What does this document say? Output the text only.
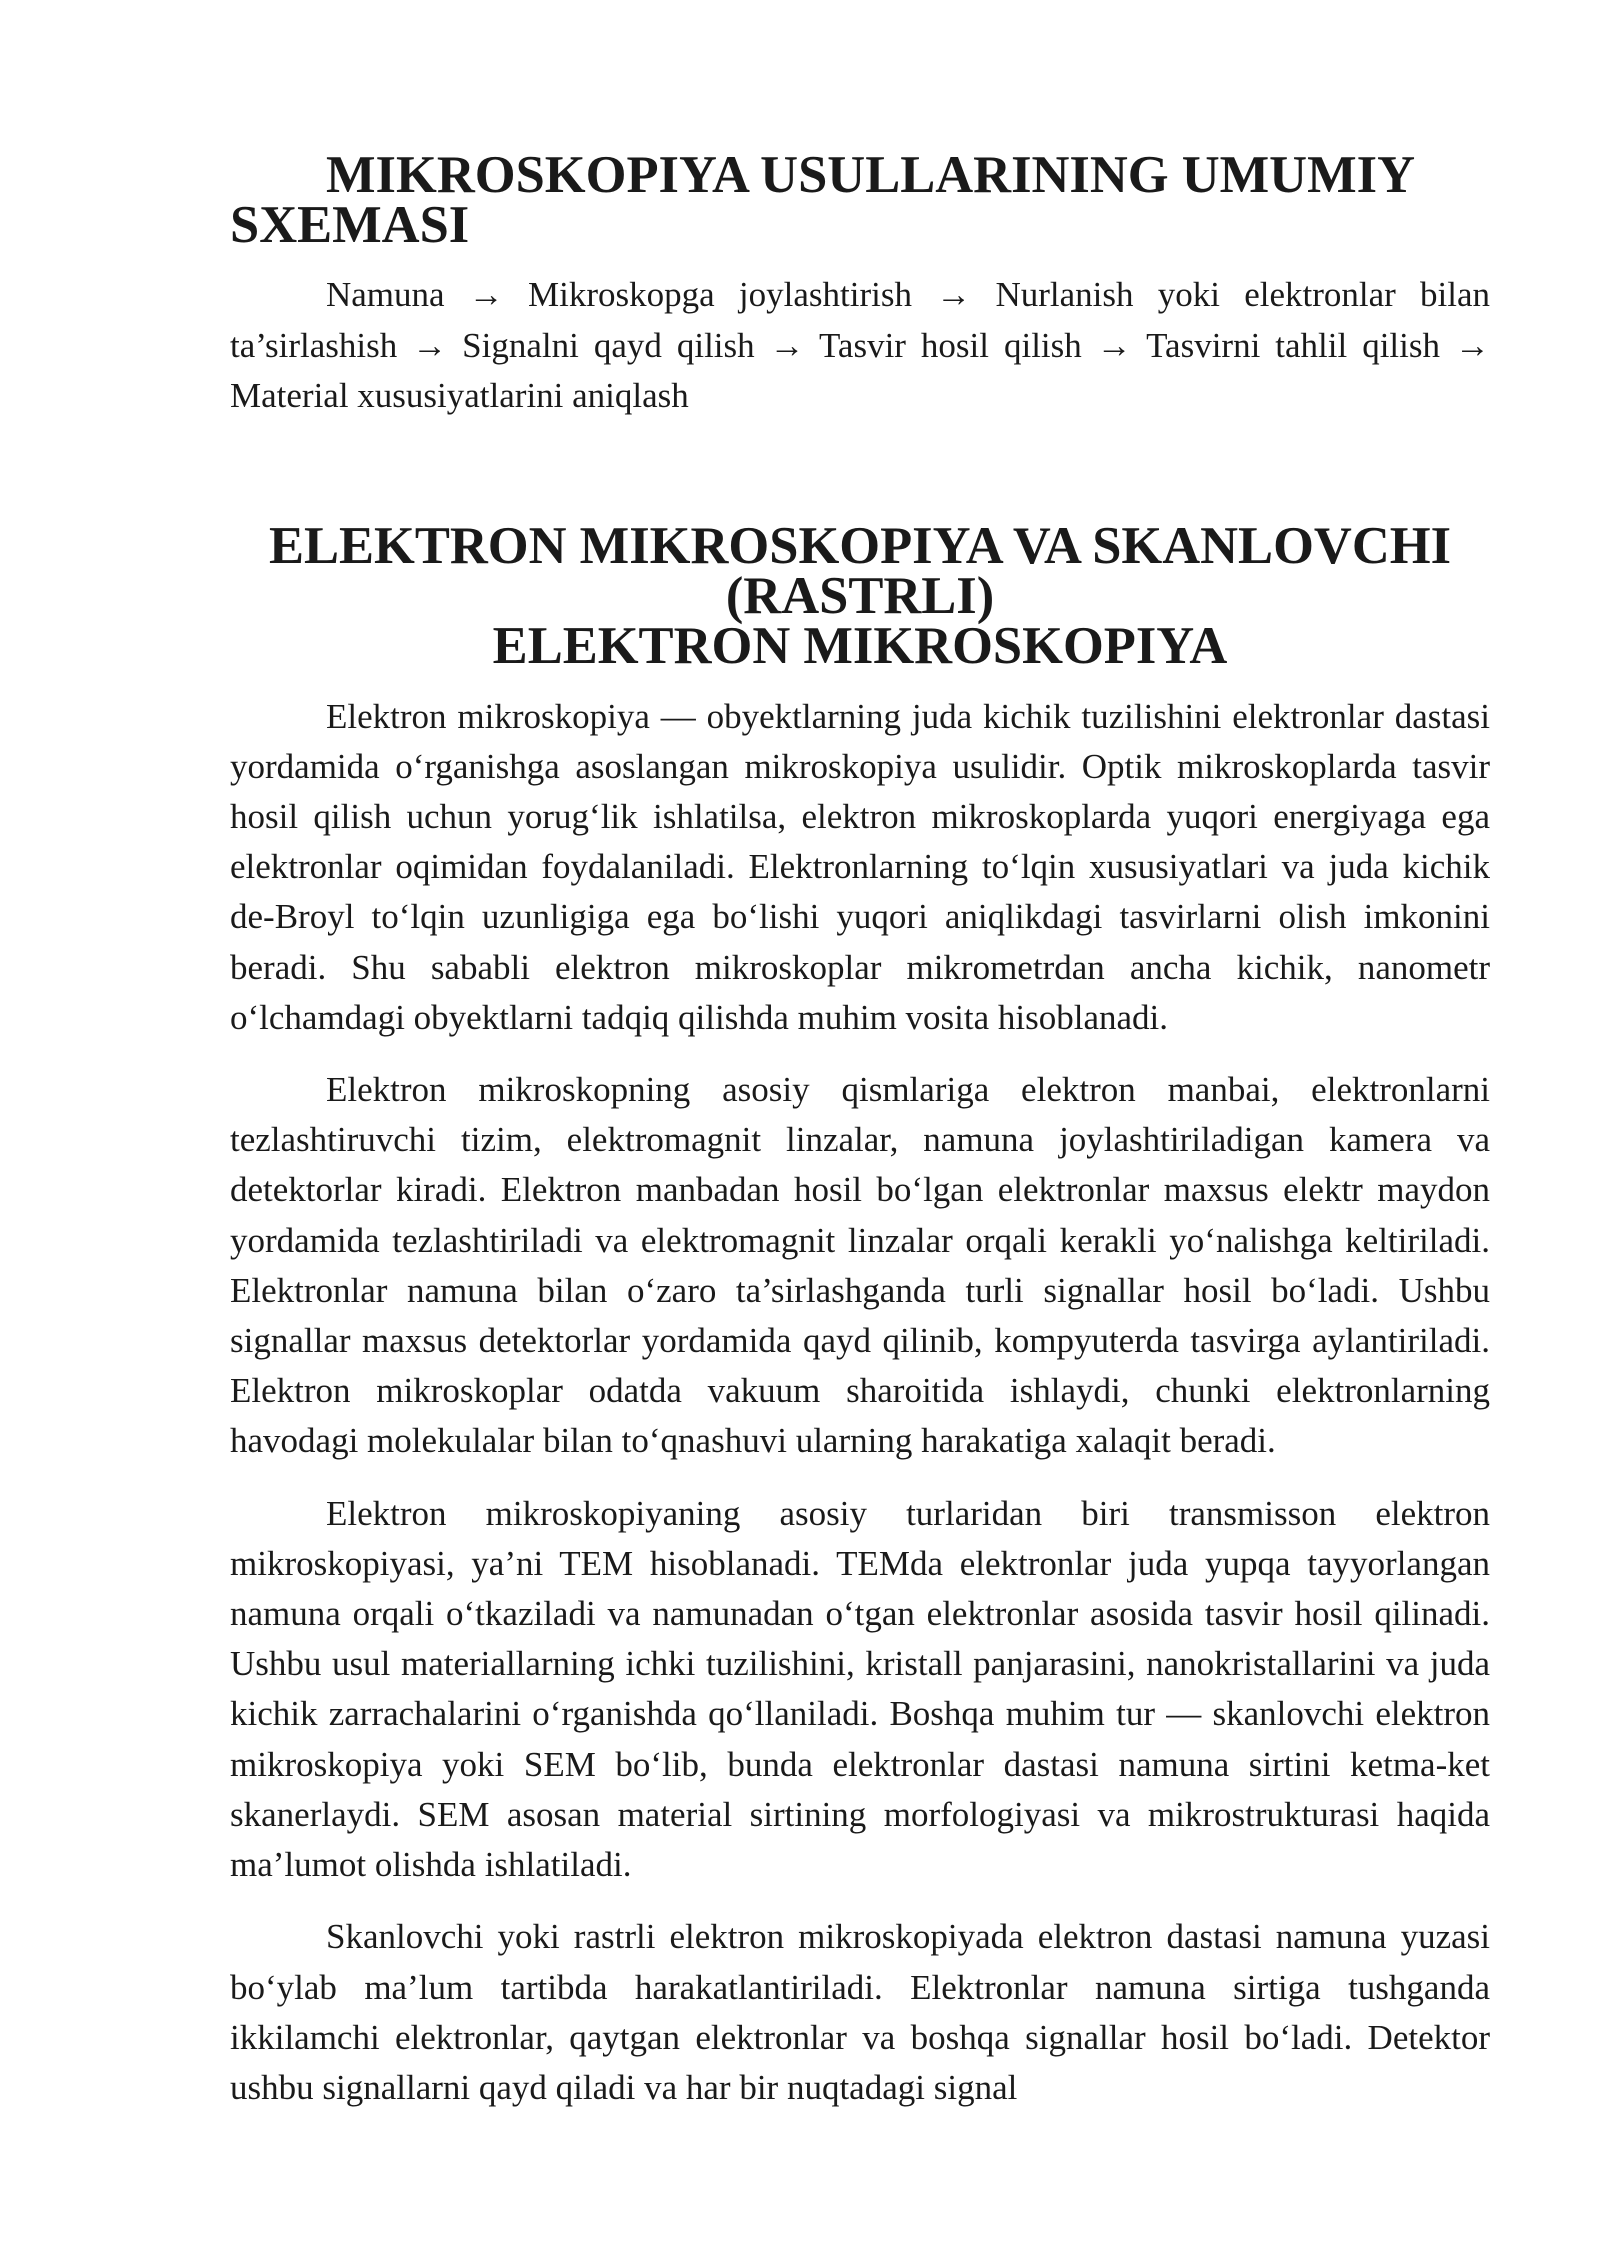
MIKROSKOPIYA USULLARINING UMUMIY SXEMASI

Namuna → Mikroskopga joylashtirish → Nurlanish yoki elektronlar bilan ta’sirlashish → Signalni qayd qilish → Tasvir hosil qilish → Tasvirni tahlil qilish → Material xususiyatlarini aniqlash

ELEKTRON MIKROSKOPIYA VA SKANLOVCHI (RASTRLI)
ELEKTRON MIKROSKOPIYA

Elektron mikroskopiya — obyektlarning juda kichik tuzilishini elektronlar dastasi yordamida o‘rganishga asoslangan mikroskopiya usulidir. Optik mikroskoplarda tasvir hosil qilish uchun yorug‘lik ishlatilsa, elektron mikroskoplarda yuqori energiyaga ega elektronlar oqimidan foydalaniladi. Elektronlarning to‘lqin xususiyatlari va juda kichik de-Broyl to‘lqin uzunligiga ega bo‘lishi yuqori aniqlikdagi tasvirlarni olish imkonini beradi. Shu sababli elektron mikroskoplar mikrometrdan ancha kichik, nanometr o‘lchamdagi obyektlarni tadqiq qilishda muhim vosita hisoblanadi.

Elektron mikroskopning asosiy qismlariga elektron manbai, elektronlarni tezlashtiruvchi tizim, elektromagnit linzalar, namuna joylashtiriladigan kamera va detektorlar kiradi. Elektron manbadan hosil bo‘lgan elektronlar maxsus elektr maydon yordamida tezlashtiriladi va elektromagnit linzalar orqali kerakli yo‘nalishga keltiriladi. Elektronlar namuna bilan o‘zaro ta’sirlashganda turli signallar hosil bo‘ladi. Ushbu signallar maxsus detektorlar yordamida qayd qilinib, kompyuterda tasvirga aylantiriladi. Elektron mikroskoplar odatda vakuum sharoitida ishlaydi, chunki elektronlarning havodagi molekulalar bilan to‘qnashuvi ularning harakatiga xalaqit beradi.

Elektron mikroskopiyaning asosiy turlaridan biri transmisson elektron mikroskopiyasi, ya’ni TEM hisoblanadi. TEMda elektronlar juda yupqa tayyorlangan namuna orqali o‘tkaziladi va namunadan o‘tgan elektronlar asosida tasvir hosil qilinadi. Ushbu usul materiallarning ichki tuzilishini, kristall panjarasini, nanokristallarini va juda kichik zarrachalarini o‘rganishda qo‘llaniladi. Boshqa muhim tur — skanlovchi elektron mikroskopiya yoki SEM bo‘lib, bunda elektronlar dastasi namuna sirtini ketma-ket skanerlaydi. SEM asosan material sirtining morfologiyasi va mikrostrukturasi haqida ma’lumot olishda ishlatiladi.

Skanlovchi yoki rastrli elektron mikroskopiyada elektron dastasi namuna yuzasi bo‘ylab ma’lum tartibda harakatlantiriladi. Elektronlar namuna sirtiga tushganda ikkilamchi elektronlar, qaytgan elektronlar va boshqa signallar hosil bo‘ladi. Detektor ushbu signallarni qayd qiladi va har bir nuqtadagi signal
